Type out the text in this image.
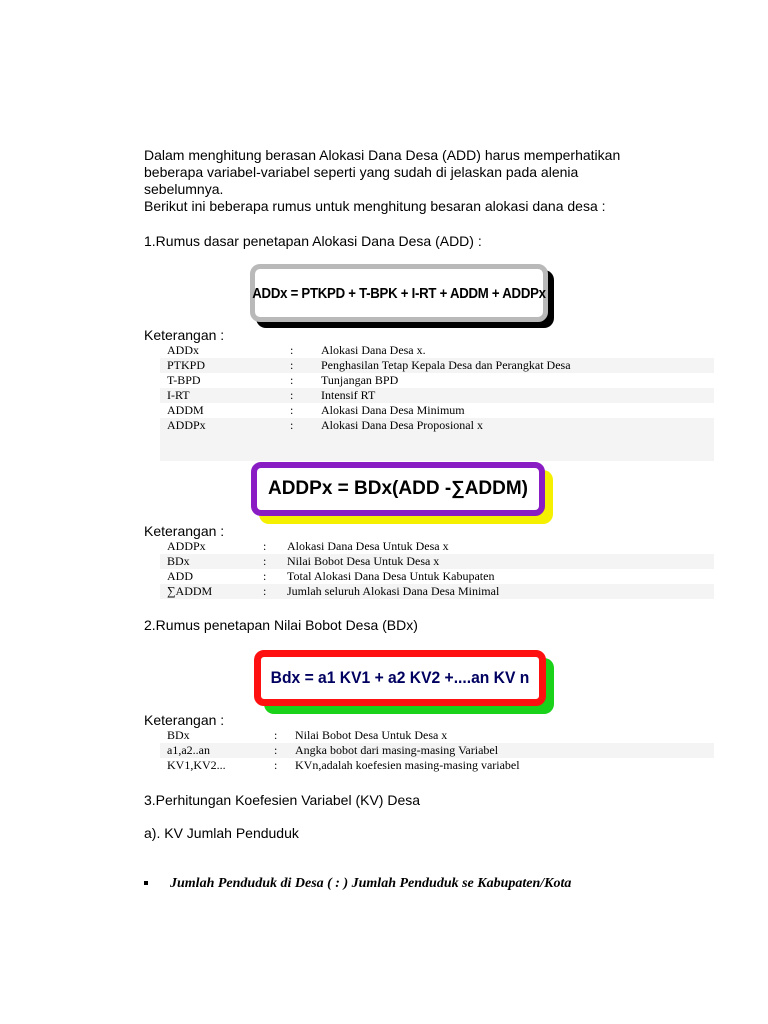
Dalam menghitung berasan Alokasi Dana Desa (ADD) harus memperhatikan
beberapa variabel-variabel seperti yang sudah di jelaskan pada alenia
sebelumnya.
Berikut ini beberapa rumus untuk menghitung besaran alokasi dana desa :
1.Rumus dasar penetapan Alokasi Dana Desa (ADD) :
ADDx = PTKPD + T-BPK + I-RT + ADDM + ADDPx
Keterangan :
ADDx	: Alokasi Dana Desa x.
PTKPD	: Penghasilan Tetap Kepala Desa dan Perangkat Desa
T-BPD	: Tunjangan BPD
I-RT	: Intensif RT
ADDM	: Alokasi Dana Desa Minimum
ADDPx	: Alokasi Dana Desa Proposional x
ADDPx = BDx(ADD -∑ADDM)
Keterangan :
ADDPx	: Alokasi Dana Desa Untuk Desa x
BDx	: Nilai Bobot Desa Untuk Desa x
ADD	: Total Alokasi Dana Desa Untuk Kabupaten
∑ADDM	: Jumlah seluruh Alokasi Dana Desa Minimal
2.Rumus penetapan Nilai Bobot Desa (BDx)
Bdx = a1 KV1 + a2 KV2 +....an KV n
Keterangan :
BDx	: Nilai Bobot Desa Untuk Desa x
a1,a2..an	: Angka bobot dari masing-masing Variabel
KV1,KV2...	: KVn,adalah koefesien masing-masing variabel
3.Perhitungan Koefesien Variabel (KV) Desa
a). KV Jumlah Penduduk
Jumlah Penduduk di Desa ( : ) Jumlah Penduduk se Kabupaten/Kota
